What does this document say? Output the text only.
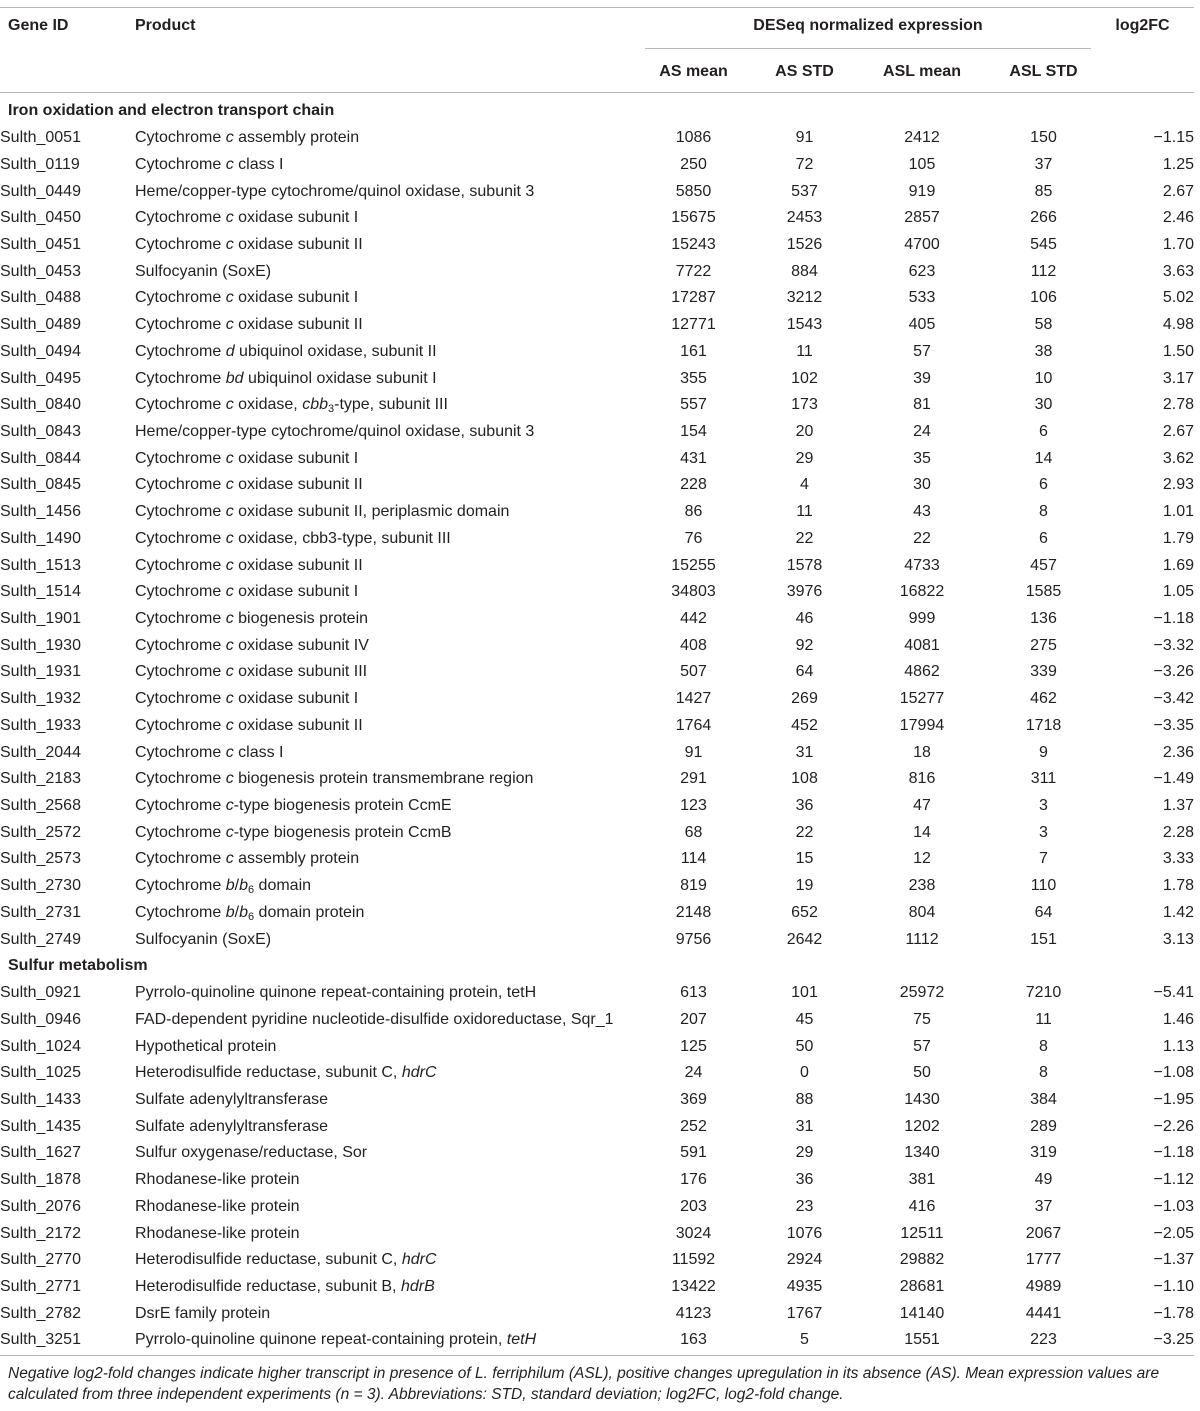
Gene ID	Product	DESeq normalized expression	log2FC
AS mean	AS STD	ASL mean	ASL STD
Iron oxidation and electron transport chain						
Sulth_0051	Cytochrome c assembly protein	1086	91	2412	150	−1.15
Sulth_0119	Cytochrome c class I	250	72	105	37	1.25
Sulth_0449	Heme/copper-type cytochrome/quinol oxidase, subunit 3	5850	537	919	85	2.67
Sulth_0450	Cytochrome c oxidase subunit I	15675	2453	2857	266	2.46
Sulth_0451	Cytochrome c oxidase subunit II	15243	1526	4700	545	1.70
Sulth_0453	Sulfocyanin (SoxE)	7722	884	623	112	3.63
Sulth_0488	Cytochrome c oxidase subunit I	17287	3212	533	106	5.02
Sulth_0489	Cytochrome c oxidase subunit II	12771	1543	405	58	4.98
Sulth_0494	Cytochrome d ubiquinol oxidase, subunit II	161	11	57	38	1.50
Sulth_0495	Cytochrome bd ubiquinol oxidase subunit I	355	102	39	10	3.17
Sulth_0840	Cytochrome c oxidase, cbb$_3$-type, subunit III	557	173	81	30	2.78
Sulth_0843	Heme/copper-type cytochrome/quinol oxidase, subunit 3	154	20	24	6	2.67
Sulth_0844	Cytochrome c oxidase subunit I	431	29	35	14	3.62
Sulth_0845	Cytochrome c oxidase subunit II	228	4	30	6	2.93
Sulth_1456	Cytochrome c oxidase subunit II, periplasmic domain	86	11	43	8	1.01
Sulth_1490	Cytochrome c oxidase, cbb3-type, subunit III	76	22	22	6	1.79
Sulth_1513	Cytochrome c oxidase subunit II	15255	1578	4733	457	1.69
Sulth_1514	Cytochrome c oxidase subunit I	34803	3976	16822	1585	1.05
Sulth_1901	Cytochrome c biogenesis protein	442	46	999	136	−1.18
Sulth_1930	Cytochrome c oxidase subunit IV	408	92	4081	275	−3.32
Sulth_1931	Cytochrome c oxidase subunit III	507	64	4862	339	−3.26
Sulth_1932	Cytochrome c oxidase subunit I	1427	269	15277	462	−3.42
Sulth_1933	Cytochrome c oxidase subunit II	1764	452	17994	1718	−3.35
Sulth_2044	Cytochrome c class I	91	31	18	9	2.36
Sulth_2183	Cytochrome c biogenesis protein transmembrane region	291	108	816	311	−1.49
Sulth_2568	Cytochrome c-type biogenesis protein CcmE	123	36	47	3	1.37
Sulth_2572	Cytochrome c-type biogenesis protein CcmB	68	22	14	3	2.28
Sulth_2573	Cytochrome c assembly protein	114	15	12	7	3.33
Sulth_2730	Cytochrome $b/b_6$ domain	819	19	238	110	1.78
Sulth_2731	Cytochrome $b/b_6$ domain protein	2148	652	804	64	1.42
Sulth_2749	Sulfocyanin (SoxE)	9756	2642	1112	151	3.13
Sulfur metabolism						
Sulth_0921	Pyrrolo-quinoline quinone repeat-containing protein, tetH	613	101	25972	7210	−5.41
Sulth_0946	FAD-dependent pyridine nucleotide-disulfide oxidoreductase, Sqr_1	207	45	75	11	1.46
Sulth_1024	Hypothetical protein	125	50	57	8	1.13
Sulth_1025	Heterodisulfide reductase, subunit C, hdrC	24	0	50	8	−1.08
Sulth_1433	Sulfate adenylyltransferase	369	88	1430	384	−1.95
Sulth_1435	Sulfate adenylyltransferase	252	31	1202	289	−2.26
Sulth_1627	Sulfur oxygenase/reductase, Sor	591	29	1340	319	−1.18
Sulth_1878	Rhodanese-like protein	176	36	381	49	−1.12
Sulth_2076	Rhodanese-like protein	203	23	416	37	−1.03
Sulth_2172	Rhodanese-like protein	3024	1076	12511	2067	−2.05
Sulth_2770	Heterodisulfide reductase, subunit C, hdrC	11592	2924	29882	1777	−1.37
Sulth_2771	Heterodisulfide reductase, subunit B, hdrB	13422	4935	28681	4989	−1.10
Sulth_2782	DsrE family protein	4123	1767	14140	4441	−1.78
Sulth_3251	Pyrrolo-quinoline quinone repeat-containing protein, tetH	163	5	1551	223	−3.25
Negative log2-fold changes indicate higher transcript in presence of L. ferriphilum (ASL), positive changes upregulation in its absence (AS). Mean expression values are
calculated from three independent experiments (n = 3). Abbreviations: STD, standard deviation; log2FC, log2-fold change.
